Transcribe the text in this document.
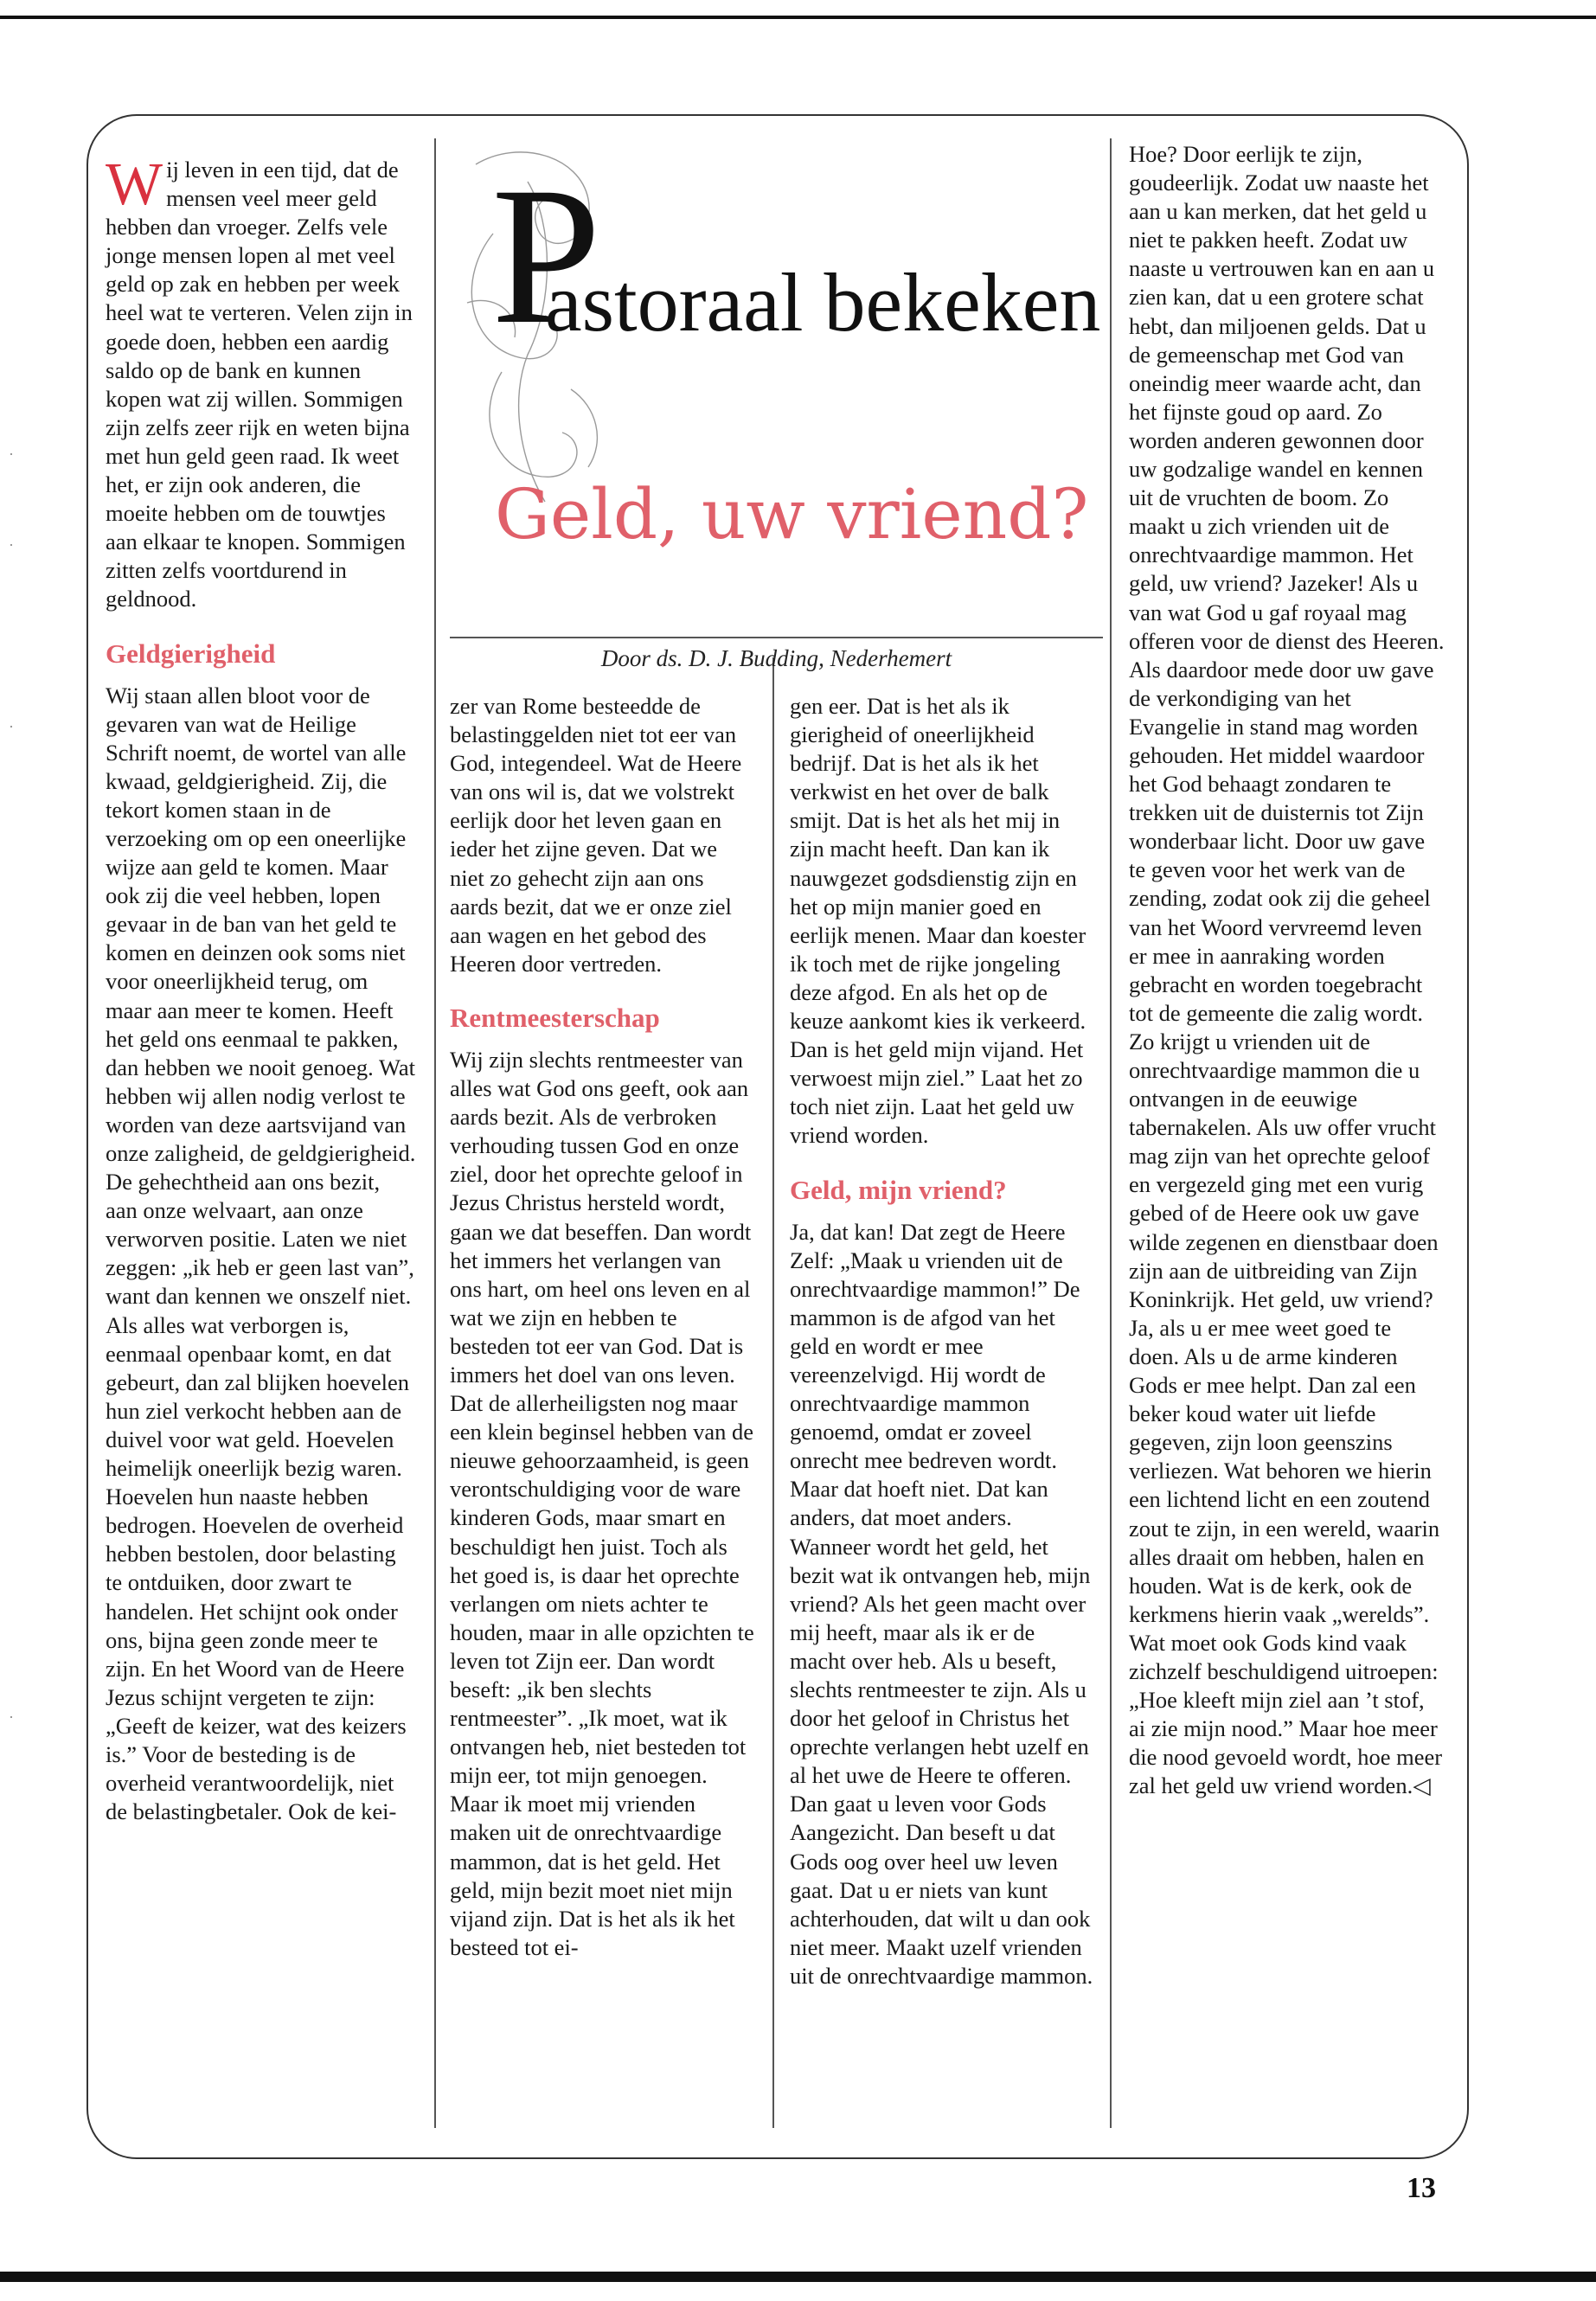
P
astoraal bekeken
Geld, uw vriend?
Door ds. D. J. Budding, Nederhemert

Wij leven in een tijd, dat de mensen veel meer geld hebben dan vroeger. Zelfs vele jonge mensen lopen al met veel geld op zak en hebben per week heel wat te verteren. Velen zijn in goede doen, hebben een aardig saldo op de bank en kunnen kopen wat zij willen. Sommigen zijn zelfs zeer rijk en weten bijna met hun geld geen raad. Ik weet het, er zijn ook anderen, die moeite hebben om de touwtjes aan elkaar te knopen. Sommigen zitten zelfs voortdurend in geldnood.

Geldgierigheid

Wij staan allen bloot voor de gevaren van wat de Heilige Schrift noemt, de wortel van alle kwaad, geldgierigheid. Zij, die tekort komen staan in de verzoeking om op een oneerlijke wijze aan geld te komen. Maar ook zij die veel hebben, lopen gevaar in de ban van het geld te komen en deinzen ook soms niet voor oneerlijkheid terug, om maar aan meer te komen. Heeft het geld ons eenmaal te pakken, dan hebben we nooit genoeg. Wat hebben wij allen nodig verlost te worden van deze aartsvijand van onze zaligheid, de geldgierigheid. De gehechtheid aan ons bezit, aan onze welvaart, aan onze verworven positie. Laten we niet zeggen: „ik heb er geen last van”, want dan kennen we onszelf niet. Als alles wat verborgen is, eenmaal openbaar komt, en dat gebeurt, dan zal blijken hoevelen hun ziel verkocht hebben aan de duivel voor wat geld. Hoevelen heimelijk oneerlijk bezig waren. Hoevelen hun naaste hebben bedrogen. Hoevelen de overheid hebben bestolen, door belasting te ontduiken, door zwart te handelen. Het schijnt ook onder ons, bijna geen zonde meer te zijn. En het Woord van de Heere Jezus schijnt vergeten te zijn: „Geeft de keizer, wat des keizers is.” Voor de besteding is de overheid verantwoordelijk, niet de belastingbetaler. Ook de kei-

zer van Rome besteedde de belastinggelden niet tot eer van God, integendeel. Wat de Heere van ons wil is, dat we volstrekt eerlijk door het leven gaan en ieder het zijne geven. Dat we niet zo gehecht zijn aan ons aards bezit, dat we er onze ziel aan wagen en het gebod des Heeren door vertreden.

Rentmeesterschap

Wij zijn slechts rentmeester van alles wat God ons geeft, ook aan aards bezit. Als de verbroken verhouding tussen God en onze ziel, door het oprechte geloof in Jezus Christus hersteld wordt, gaan we dat beseffen. Dan wordt het immers het verlangen van ons hart, om heel ons leven en al wat we zijn en hebben te besteden tot eer van God. Dat is immers het doel van ons leven. Dat de allerheiligsten nog maar een klein beginsel hebben van de nieuwe gehoorzaamheid, is geen verontschuldiging voor de ware kinderen Gods, maar smart en beschuldigt hen juist. Toch als het goed is, is daar het oprechte verlangen om niets achter te houden, maar in alle opzichten te leven tot Zijn eer. Dan wordt beseft: „ik ben slechts rentmeester”. „Ik moet, wat ik ontvangen heb, niet besteden tot mijn eer, tot mijn genoegen. Maar ik moet mij vrienden maken uit de onrechtvaardige mammon, dat is het geld. Het geld, mijn bezit moet niet mijn vijand zijn. Dat is het als ik het besteed tot ei-

gen eer. Dat is het als ik gierigheid of oneerlijkheid bedrijf. Dat is het als ik het verkwist en het over de balk smijt. Dat is het als het mij in zijn macht heeft. Dan kan ik nauwgezet godsdienstig zijn en het op mijn manier goed en eerlijk menen. Maar dan koester ik toch met de rijke jongeling deze afgod. En als het op de keuze aankomt kies ik verkeerd. Dan is het geld mijn vijand. Het verwoest mijn ziel.” Laat het zo toch niet zijn. Laat het geld uw vriend worden.

Geld, mijn vriend?

Ja, dat kan! Dat zegt de Heere Zelf: „Maak u vrienden uit de onrechtvaardige mammon!” De mammon is de afgod van het geld en wordt er mee vereenzelvigd. Hij wordt de onrechtvaardige mammon genoemd, omdat er zoveel onrecht mee bedreven wordt. Maar dat hoeft niet. Dat kan anders, dat moet anders. Wanneer wordt het geld, het bezit wat ik ontvangen heb, mijn vriend? Als het geen macht over mij heeft, maar als ik er de macht over heb. Als u beseft, slechts rentmeester te zijn. Als u door het geloof in Christus het oprechte verlangen hebt uzelf en al het uwe de Heere te offeren. Dan gaat u leven voor Gods Aangezicht. Dan beseft u dat Gods oog over heel uw leven gaat. Dat u er niets van kunt achterhouden, dat wilt u dan ook niet meer. Maakt uzelf vrienden uit de onrechtvaardige mammon.

Hoe? Door eerlijk te zijn, goudeerlijk. Zodat uw naaste het aan u kan merken, dat het geld u niet te pakken heeft. Zodat uw naaste u vertrouwen kan en aan u zien kan, dat u een grotere schat hebt, dan miljoenen gelds. Dat u de gemeenschap met God van oneindig meer waarde acht, dan het fijnste goud op aard. Zo worden anderen gewonnen door uw godzalige wandel en kennen uit de vruchten de boom. Zo maakt u zich vrienden uit de onrechtvaardige mammon. Het geld, uw vriend? Jazeker! Als u van wat God u gaf royaal mag offeren voor de dienst des Heeren. Als daardoor mede door uw gave de verkondiging van het Evangelie in stand mag worden gehouden. Het middel waardoor het God behaagt zondaren te trekken uit de duisternis tot Zijn wonderbaar licht. Door uw gave te geven voor het werk van de zending, zodat ook zij die geheel van het Woord vervreemd leven er mee in aanraking worden gebracht en worden toegebracht tot de gemeente die zalig wordt. Zo krijgt u vrienden uit de onrechtvaardige mammon die u ontvangen in de eeuwige tabernakelen. Als uw offer vrucht mag zijn van het oprechte geloof en vergezeld ging met een vurig gebed of de Heere ook uw gave wilde zegenen en dienstbaar doen zijn aan de uitbreiding van Zijn Koninkrijk. Het geld, uw vriend? Ja, als u er mee weet goed te doen. Als u de arme kinderen Gods er mee helpt. Dan zal een beker koud water uit liefde gegeven, zijn loon geenszins verliezen. Wat behoren we hierin een lichtend licht en een zoutend zout te zijn, in een wereld, waarin alles draait om hebben, halen en houden. Wat is de kerk, ook de kerkmens hierin vaak „werelds”. Wat moet ook Gods kind vaak zichzelf beschuldigend uitroepen: „Hoe kleeft mijn ziel aan ’t stof, ai zie mijn nood.” Maar hoe meer die nood gevoeld wordt, hoe meer zal het geld uw vriend worden.◁

·
·
·
·
13
